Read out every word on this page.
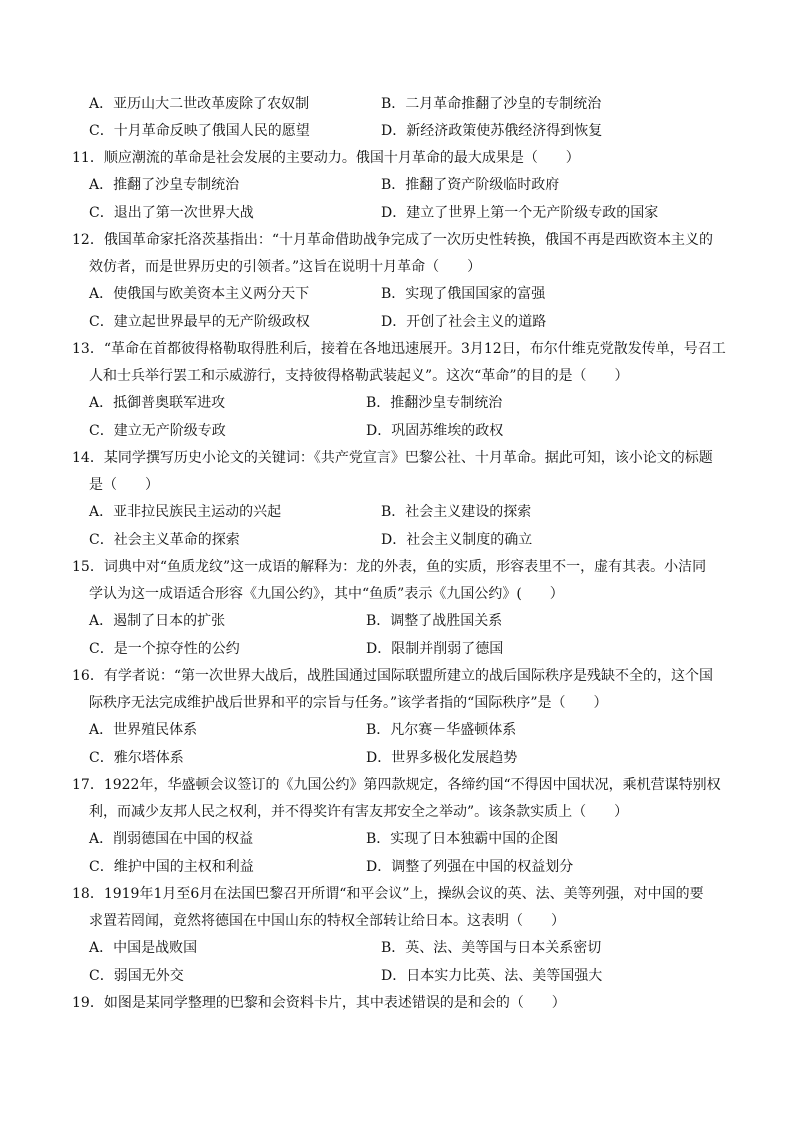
A．亚历山大二世改革废除了农奴制	B．二月革命推翻了沙皇的专制统治
C．十月革命反映了俄国人民的愿望	D．新经济政策使苏俄经济得到恢复
11．顺应潮流的革命是社会发展的主要动力。俄国十月革命的最大成果是（　　）
A．推翻了沙皇专制统治	B．推翻了资产阶级临时政府
C．退出了第一次世界大战	D．建立了世界上第一个无产阶级专政的国家
12．俄国革命家托洛茨基指出：“十月革命借助战争完成了一次历史性转换，俄国不再是西欧资本主义的
效仿者，而是世界历史的引领者。”这旨在说明十月革命（　　）
A．使俄国与欧美资本主义两分天下	B．实现了俄国国家的富强
C．建立起世界最早的无产阶级政权	D．开创了社会主义的道路
13．“革命在首都彼得格勒取得胜利后，接着在各地迅速展开。3月12日，布尔什维克党散发传单，号召工
人和士兵举行罢工和示威游行，支持彼得格勒武装起义”。这次“革命”的目的是（　　）
A．抵御普奥联军进攻	B．推翻沙皇专制统治
C．建立无产阶级专政	D．巩固苏维埃的政权
14．某同学撰写历史小论文的关键词：《共产党宣言》巴黎公社、十月革命。据此可知，该小论文的标题
是（　　）
A．亚非拉民族民主运动的兴起	B．社会主义建设的探索
C．社会主义革命的探索	D．社会主义制度的确立
15．词典中对“鱼质龙纹”这一成语的解释为：龙的外表，鱼的实质，形容表里不一，虚有其表。小洁同
学认为这一成语适合形容《九国公约》，其中“鱼质”表示《九国公约》(　　）
A．遏制了日本的扩张	B．调整了战胜国关系
C．是一个掠夺性的公约	D．限制并削弱了德国
16．有学者说：“第一次世界大战后，战胜国通过国际联盟所建立的战后国际秩序是残缺不全的，这个国
际秩序无法完成维护战后世界和平的宗旨与任务。”该学者指的“国际秩序”是（　　）
A．世界殖民体系	B．凡尔赛－华盛顿体系
C．雅尔塔体系	D．世界多极化发展趋势
17．1922年，华盛顿会议签订的《九国公约》第四款规定，各缔约国“不得因中国状况，乘机营谋特别权
利，而减少友邦人民之权利，并不得奖许有害友邦安全之举动”。该条款实质上（　　）
A．削弱德国在中国的权益	B．实现了日本独霸中国的企图
C．维护中国的主权和利益	D．调整了列强在中国的权益划分
18．1919年1月至6月在法国巴黎召开所谓“和平会议”上，操纵会议的英、法、美等列强，对中国的要
求置若罔闻，竟然将德国在中国山东的特权全部转让给日本。这表明（　　）
A．中国是战败国	B．英、法、美等国与日本关系密切
C．弱国无外交	D．日本实力比英、法、美等国强大
19．如图是某同学整理的巴黎和会资料卡片，其中表述错误的是和会的（　　）
